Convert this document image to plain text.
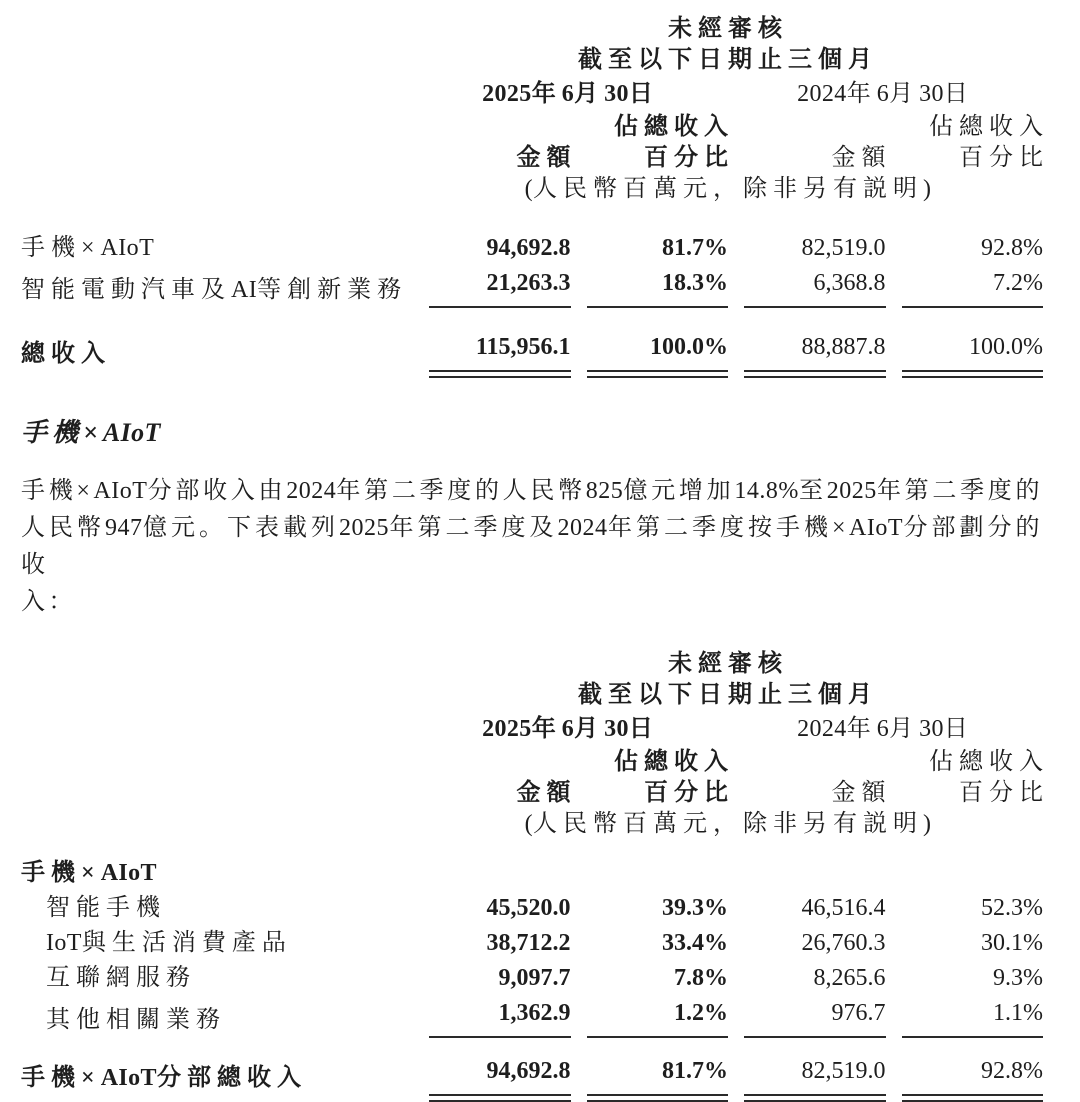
	未經審核			

	截至以下日期止三個月			

	2025年6月30日		2024年6月30日	

		佔總收入		佔總收入

	金額	百分比	金額	百分比

	(人民幣百萬元，除非另有説明)			

手機×AIoT	94,692.8	81.7%	82,519.0	92.8%

智能電動汽車及AI等創新業務	21,263.3	18.3%	6,368.8	7.2%

總收入	115,956.1	100.0%	88,887.8	100.0%
手機×AIoT
手機×AIoT分部收入由2024年第二季度的人民幣825億元增加14.8%至2025年第二季度的
人民幣947億元。下表載列2025年第二季度及2024年第二季度按手機×AIoT分部劃分的收
入：

	未經審核			

	截至以下日期止三個月			

	2025年6月30日		2024年6月30日	

		佔總收入		佔總收入

	金額	百分比	金額	百分比

	(人民幣百萬元，除非另有説明)			

手機×AIoT				

智能手機	45,520.0	39.3%	46,516.4	52.3%

IoT與生活消費產品	38,712.2	33.4%	26,760.3	30.1%

互聯網服務	9,097.7	7.8%	8,265.6	9.3%

其他相關業務	1,362.9	1.2%	976.7	1.1%

手機×AIoT分部總收入	94,692.8	81.7%	82,519.0	92.8%
